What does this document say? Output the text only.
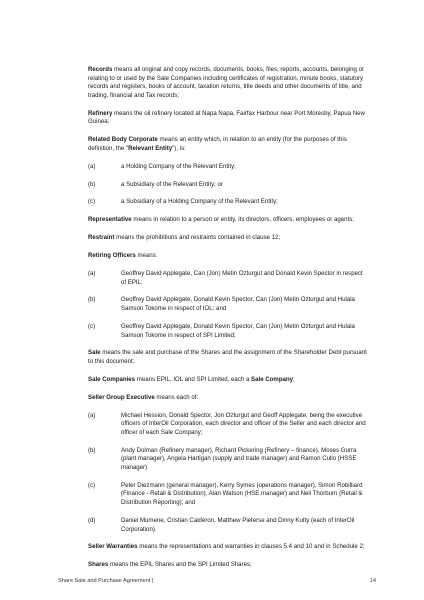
Records means all original and copy records, documents, books, files, reports, accounts, belonging or relating to or used by the Sale Companies including certificates of registration, minute books, statutory records and registers, books of account, taxation returns, title deeds and other documents of title, and trading, financial and Tax records;

Refinery means the oil refinery located at Napa Napa, Fairfax Harbour near Port Moresby, Papua New Guinea;

Related Body Corporate means an entity which, in relation to an entity (for the purposes of this definition, the "Relevant Entity"), is:

(a)	a Holding Company of the Relevant Entity;
(b)	a Subsidiary of the Relevant Entity; or
(c)	a Subsidiary of a Holding Company of the Relevant Entity;

Representative means in relation to a person or entity, its directors, officers, employees or agents;

Restraint means the prohibitions and restraints contained in clause 12;

Retiring Officers means:

(a)	Geoffrey David Applegate, Can (Jon) Metin Ozturgut and Donald Kevin Spector in respect of EPIL;
(b)	Geoffrey David Applegate, Donald Kevin Spector, Can (Jon) Metin Ozturgut and Hulala Samson Tokome in respect of IOL; and
(c)	Geoffrey David Applegate, Donald Kevin Spector, Can (Jon) Metin Ozturgut and Hulala Samson Tokome in respect of SPI Limited;

Sale means the sale and purchase of the Shares and the assignment of the Shareholder Debt pursuant to this document;

Sale Companies means EPIL, IOL and SPI Limited, each a Sale Company;

Seller Group Executive means each of:

(a)	Michael Hession, Donald Spector, Jon Ozturgut and Geoff Applegate, being the executive officers of InterOil Corporation, each director and officer of the Seller and each director and officer of each Sale Company;
(b)	Andy Dolman (Refinery manager), Richard Pickering (Refinery – finance), Moses Gurra (plant manager), Angela Hartigan (supply and trade manager) and Ramon Cullo (HSSE manager)
(c)	Peter Diezmann (general manager), Kerry Symes (operations manager), Simon Robilliard (Finance - Retail & Distribution), Alan Watson (HSE manager) and Neil Thorburn (Retail & Distribution Reporting); and
(d)	Daniel Mumene, Cristian Calderon, Matthew Pieterse and Dinny Kutty (each of InterOil Corporation).

Seller Warranties means the representations and warranties in clauses 5.4 and 10 and in Schedule 2;

Shares means the EPIL Shares and the SPI Limited Shares;

Share Sale and Purchase Agreement |	14
